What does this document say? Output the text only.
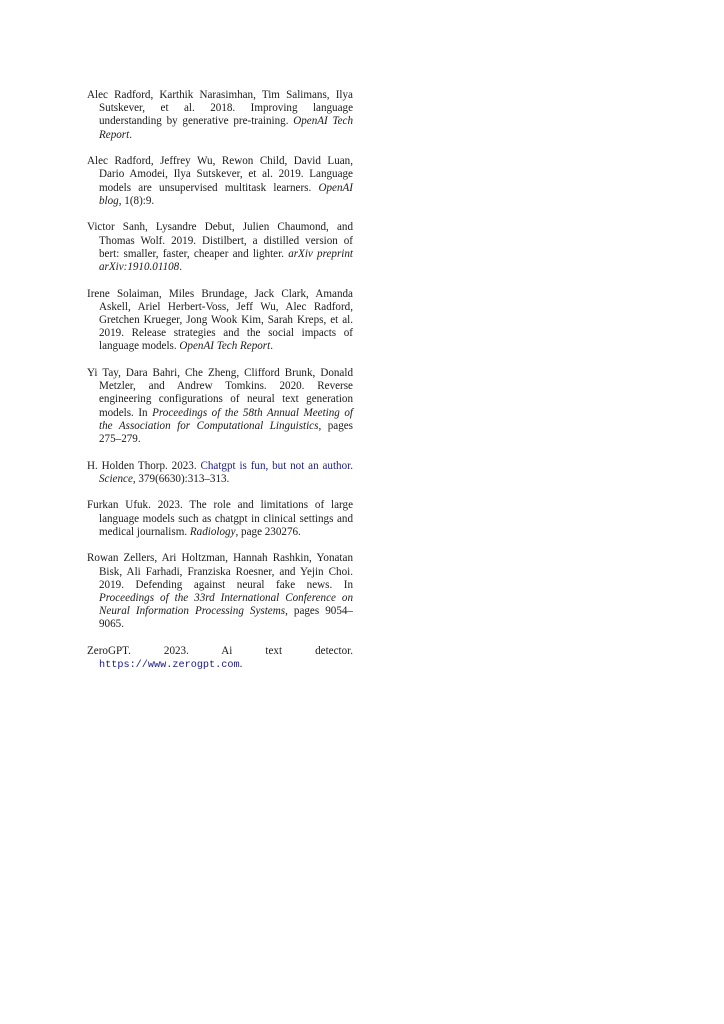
Alec Radford, Karthik Narasimhan, Tim Salimans, Ilya Sutskever, et al. 2018. Improving language understanding by generative pre-training. OpenAI Tech Report.

Alec Radford, Jeffrey Wu, Rewon Child, David Luan, Dario Amodei, Ilya Sutskever, et al. 2019. Language models are unsupervised multitask learners. OpenAI blog, 1(8):9.

Victor Sanh, Lysandre Debut, Julien Chaumond, and Thomas Wolf. 2019. Distilbert, a distilled version of bert: smaller, faster, cheaper and lighter. arXiv preprint arXiv:1910.01108.

Irene Solaiman, Miles Brundage, Jack Clark, Amanda Askell, Ariel Herbert-Voss, Jeff Wu, Alec Radford, Gretchen Krueger, Jong Wook Kim, Sarah Kreps, et al. 2019. Release strategies and the social impacts of language models. OpenAI Tech Report.

Yi Tay, Dara Bahri, Che Zheng, Clifford Brunk, Donald Metzler, and Andrew Tomkins. 2020. Reverse engineering configurations of neural text generation models. In Proceedings of the 58th Annual Meeting of the Association for Computational Linguistics, pages 275–279.

H. Holden Thorp. 2023. Chatgpt is fun, but not an author. Science, 379(6630):313–313.

Furkan Ufuk. 2023. The role and limitations of large language models such as chatgpt in clinical settings and medical journalism. Radiology, page 230276.

Rowan Zellers, Ari Holtzman, Hannah Rashkin, Yonatan Bisk, Ali Farhadi, Franziska Roesner, and Yejin Choi. 2019. Defending against neural fake news. In Proceedings of the 33rd International Conference on Neural Information Processing Systems, pages 9054–9065.

ZeroGPT. 2023. Ai text detector. https://www.zerogpt.com.
